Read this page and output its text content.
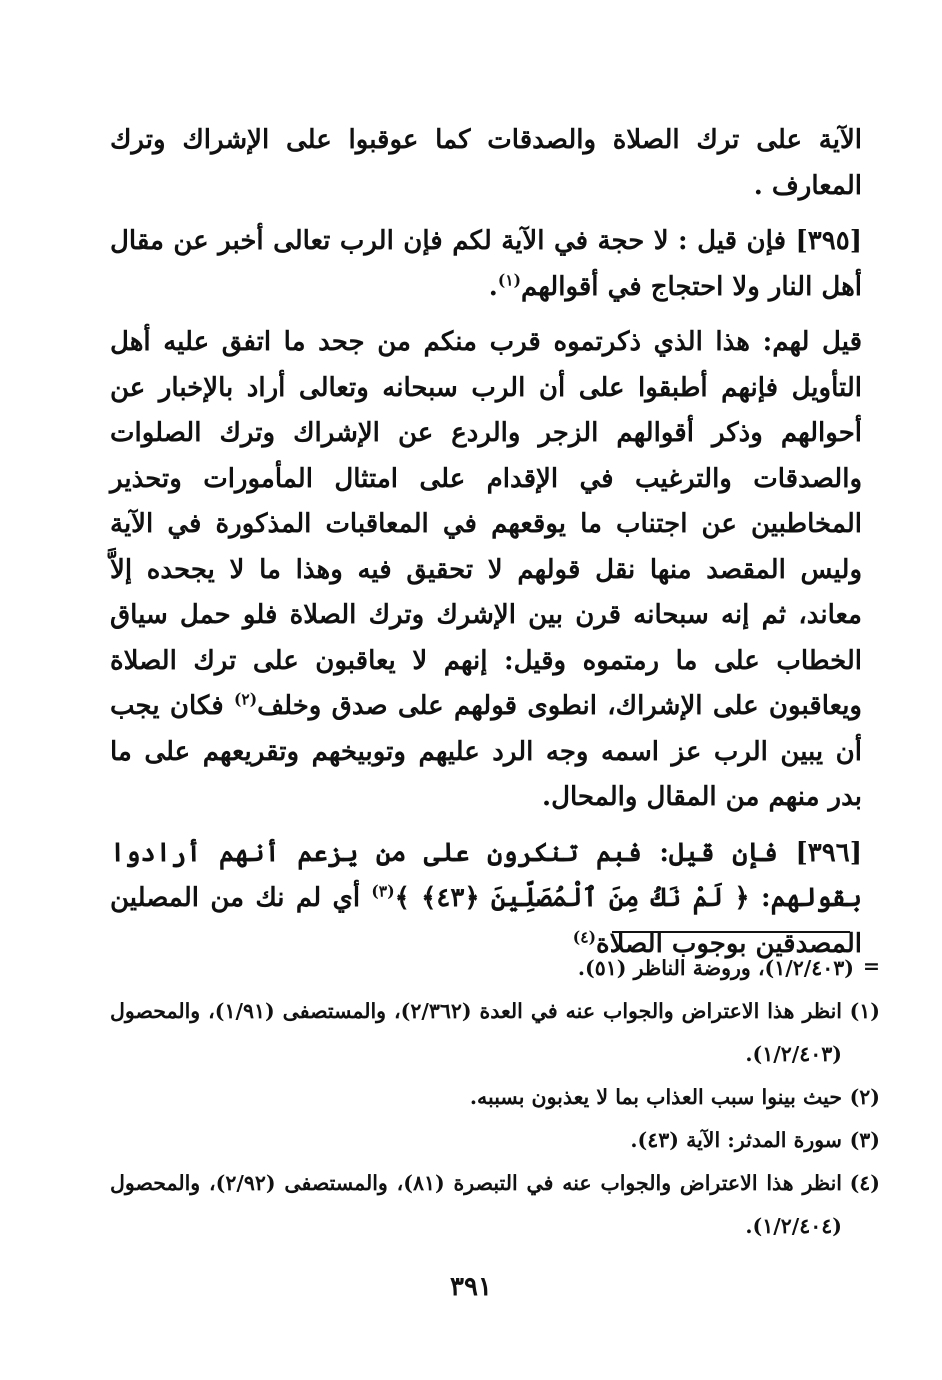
الآية على ترك الصلاة والصدقات كما عوقبوا على الإشراك وترك المعارف .

[٣٩٥] فإن قيل : لا حجة في الآية لكم فإن الرب تعالى أخبر عن مقال أهل النار ولا احتجاج في أقوالهم$^{(١)}$.

قيل لهم: هذا الذي ذكرتموه قرب منكم من جحد ما اتفق عليه أهل التأويل فإنهم أطبقوا على أن الرب سبحانه وتعالى أراد بالإخبار عن أحوالهم وذكر أقوالهم الزجر والردع عن الإشراك وترك الصلوات والصدقات والترغيب في الإقدام على امتثال المأمورات وتحذير المخاطبين عن اجتناب ما يوقعهم في المعاقبات المذكورة في الآية وليس المقصد منها نقل قولهم لا تحقيق فيه وهذا ما لا يجحده إلاَّ معاند، ثم إنه سبحانه قرن بين الإشرك وترك الصلاة فلو حمل سياق الخطاب على ما رمتموه وقيل: إنهم لا يعاقبون على ترك الصلاة ويعاقبون على الإشراك، انطوى قولهم على صدق وخلف$^{(٢)}$ فكان يجب أن يبين الرب عز اسمه وجه الرد عليهم وتوبيخهم وتقريعهم على ما بدر منهم من المقال والمحال.

[٣٩٦] فإن قيل: فبم تنكرون على من يزعم أنهم أرادوا بقولهم: ﴿ لَمْ نَكُ مِنَ ٱلْمُصَلِّينَ ﴿٤٣﴾ ﴾$^{(٣)}$ أي لم نك من المصلين المصدقين بوجوب الصلاة$^{(٤)}$

=
(١/٢/٤٠٣)، وروضة الناظر (٥١).
(١)
انظر هذا الاعتراض والجواب عنه في العدة (٢/٣٦٢)، والمستصفى (١/٩١)، والمحصول (١/٢/٤٠٣).
(٢)
حيث بينوا سبب العذاب بما لا يعذبون بسببه.
(٣)
سورة المدثر: الآية (٤٣).
(٤)
انظر هذا الاعتراض والجواب عنه في التبصرة (٨١)، والمستصفى (٢/٩٢)، والمحصول (١/٢/٤٠٤).
٣٩١
